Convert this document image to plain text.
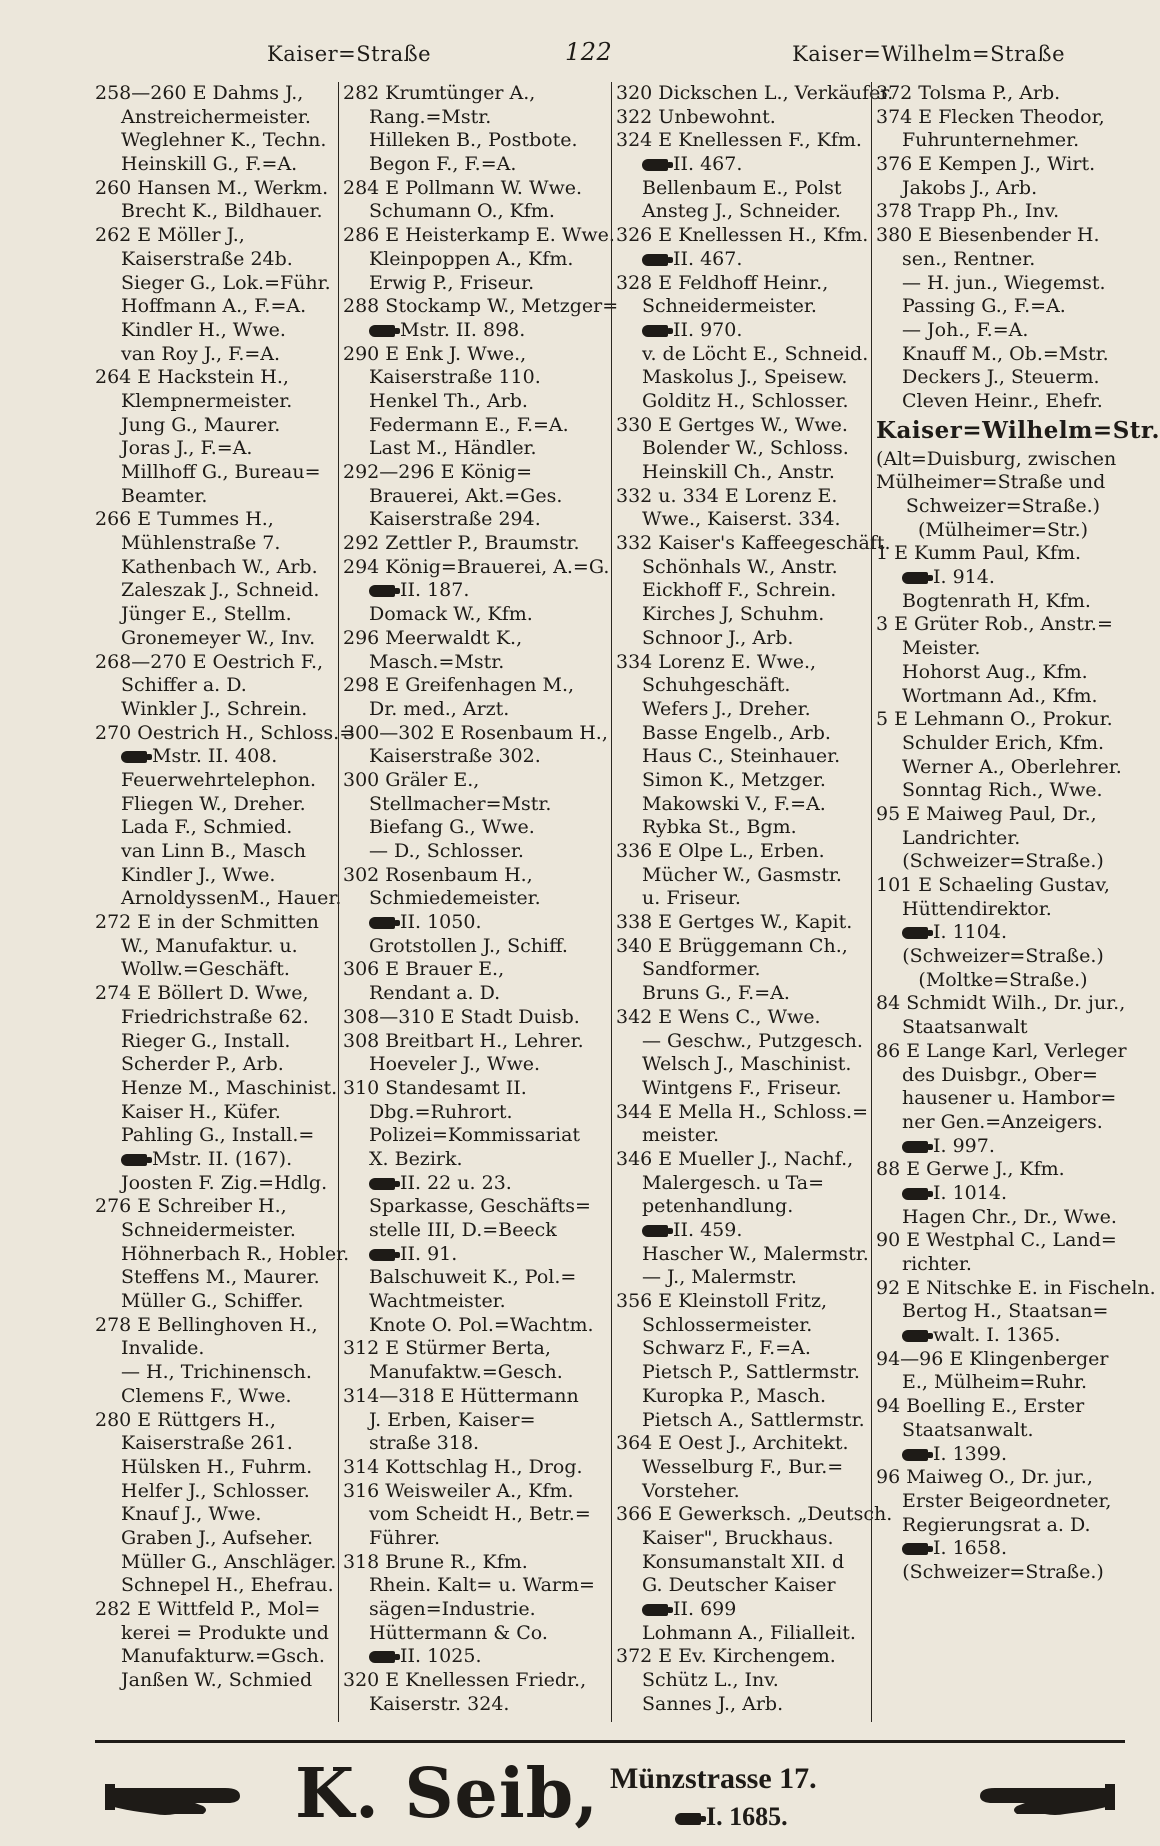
Kaiser=Straße	122	Kaiser=Wilhelm=Straße
258—260 E Dahms J.,
Anstreichermeister.
Weglehner K., Techn.
Heinskill G., F.=A.
260 Hansen M., Werkm.
Brecht K., Bildhauer.
262 E Möller J.,
Kaiserstraße 24b.
Sieger G., Lok.=Führ.
Hoffmann A., F.=A.
Kindler H., Wwe.
van Roy J., F.=A.
264 E Hackstein H.,
Klempnermeister.
Jung G., Maurer.
Joras J., F.=A.
Millhoff G., Bureau=
Beamter.
266 E Tummes H.,
Mühlenstraße 7.
Kathenbach W., Arb.
Zaleszak J., Schneid.
Jünger E., Stellm.
Gronemeyer W., Inv.
268—270 E Oestrich F.,
Schiffer a. D.
Winkler J., Schrein.
270 Oestrich H., Schloss.=
Mstr. II. 408.
Feuerwehrtelephon.
Fliegen W., Dreher.
Lada F., Schmied.
van Linn B., Masch
Kindler J., Wwe.
ArnoldyssenM., Hauer.
272 E in der Schmitten
W., Manufaktur. u.
Wollw.=Geschäft.
274 E Böllert D. Wwe,
Friedrichstraße 62.
Rieger G., Install.
Scherder P., Arb.
Henze M., Maschinist.
Kaiser H., Küfer.
Pahling G., Install.=
Mstr. II. (167).
Joosten F. Zig.=Hdlg.
276 E Schreiber H.,
Schneidermeister.
Höhnerbach R., Hobler.
Steffens M., Maurer.
Müller G., Schiffer.
278 E Bellinghoven H.,
Invalide.
— H., Trichinensch.
Clemens F., Wwe.
280 E Rüttgers H.,
Kaiserstraße 261.
Hülsken H., Fuhrm.
Helfer J., Schlosser.
Knauf J., Wwe.
Graben J., Aufseher.
Müller G., Anschläger.
Schnepel H., Ehefrau.
282 E Wittfeld P., Mol=
kerei = Produkte und
Manufakturw.=Gsch.
Janßen W., Schmied
282 Krumtünger A.,
Rang.=Mstr.
Hilleken B., Postbote.
Begon F., F.=A.
284 E Pollmann W. Wwe.
Schumann O., Kfm.
286 E Heisterkamp E. Wwe.
Kleinpoppen A., Kfm.
Erwig P., Friseur.
288 Stockamp W., Metzger=
Mstr. II. 898.
290 E Enk J. Wwe.,
Kaiserstraße 110.
Henkel Th., Arb.
Federmann E., F.=A.
Last M., Händler.
292—296 E König=
Brauerei, Akt.=Ges.
Kaiserstraße 294.
292 Zettler P., Braumstr.
294 König=Brauerei, A.=G.
II. 187.
Domack W., Kfm.
296 Meerwaldt K.,
Masch.=Mstr.
298 E Greifenhagen M.,
Dr. med., Arzt.
300—302 E Rosenbaum H.,
Kaiserstraße 302.
300 Gräler E.,
Stellmacher=Mstr.
Biefang G., Wwe.
— D., Schlosser.
302 Rosenbaum H.,
Schmiedemeister.
II. 1050.
Grotstollen J., Schiff.
306 E Brauer E.,
Rendant a. D.
308—310 E Stadt Duisb.
308 Breitbart H., Lehrer.
Hoeveler J., Wwe.
310 Standesamt II.
Dbg.=Ruhrort.
Polizei=Kommissariat
X. Bezirk.
II. 22 u. 23.
Sparkasse, Geschäfts=
stelle III, D.=Beeck
II. 91.
Balschuweit K., Pol.=
Wachtmeister.
Knote O. Pol.=Wachtm.
312 E Stürmer Berta,
Manufaktw.=Gesch.
314—318 E Hüttermann
J. Erben, Kaiser=
straße 318.
314 Kottschlag H., Drog.
316 Weisweiler A., Kfm.
vom Scheidt H., Betr.=
Führer.
318 Brune R., Kfm.
Rhein. Kalt= u. Warm=
sägen=Industrie.
Hüttermann & Co.
II. 1025.
320 E Knellessen Friedr.,
Kaiserstr. 324.
320 Dickschen L., Verkäufer.
322 Unbewohnt.
324 E Knellessen F., Kfm.
II. 467.
Bellenbaum E., Polst
Ansteg J., Schneider.
326 E Knellessen H., Kfm.
II. 467.
328 E Feldhoff Heinr.,
Schneidermeister.
II. 970.
v. de Löcht E., Schneid.
Maskolus J., Speisew.
Golditz H., Schlosser.
330 E Gertges W., Wwe.
Bolender W., Schloss.
Heinskill Ch., Anstr.
332 u. 334 E Lorenz E.
Wwe., Kaiserst. 334.
332 Kaiser's Kaffeegeschäft.
Schönhals W., Anstr.
Eickhoff F., Schrein.
Kirches J, Schuhm.
Schnoor J., Arb.
334 Lorenz E. Wwe.,
Schuhgeschäft.
Wefers J., Dreher.
Basse Engelb., Arb.
Haus C., Steinhauer.
Simon K., Metzger.
Makowski V., F.=A.
Rybka St., Bgm.
336 E Olpe L., Erben.
Mücher W., Gasmstr.
u. Friseur.
338 E Gertges W., Kapit.
340 E Brüggemann Ch.,
Sandformer.
Bruns G., F.=A.
342 E Wens C., Wwe.
— Geschw., Putzgesch.
Welsch J., Maschinist.
Wintgens F., Friseur.
344 E Mella H., Schloss.=
meister.
346 E Mueller J., Nachf.,
Malergesch. u Ta=
petenhandlung.
II. 459.
Hascher W., Malermstr.
— J., Malermstr.
356 E Kleinstoll Fritz,
Schlossermeister.
Schwarz F., F.=A.
Pietsch P., Sattlermstr.
Kuropka P., Masch.
Pietsch A., Sattlermstr.
364 E Oest J., Architekt.
Wesselburg F., Bur.=
Vorsteher.
366 E Gewerksch. „Deutsch.
Kaiser", Bruckhaus.
Konsumanstalt XII. d
G. Deutscher Kaiser
II. 699
Lohmann A., Filialleit.
372 E Ev. Kirchengem.
Schütz L., Inv.
Sannes J., Arb.
372 Tolsma P., Arb.
374 E Flecken Theodor,
Fuhrunternehmer.
376 E Kempen J., Wirt.
Jakobs J., Arb.
378 Trapp Ph., Inv.
380 E Biesenbender H.
sen., Rentner.
— H. jun., Wiegemst.
Passing G., F.=A.
— Joh., F.=A.
Knauff M., Ob.=Mstr.
Deckers J., Steuerm.
Cleven Heinr., Ehefr.
Kaiser=Wilhelm=Str.
(Alt=Duisburg, zwischen
Mülheimer=Straße und
Schweizer=Straße.)
(Mülheimer=Str.)
1 E Kumm Paul, Kfm.
I. 914.
Bogtenrath H, Kfm.
3 E Grüter Rob., Anstr.=
Meister.
Hohorst Aug., Kfm.
Wortmann Ad., Kfm.
5 E Lehmann O., Prokur.
Schulder Erich, Kfm.
Werner A., Oberlehrer.
Sonntag Rich., Wwe.
95 E Maiweg Paul, Dr.,
Landrichter.
(Schweizer=Straße.)
101 E Schaeling Gustav,
Hüttendirektor.
I. 1104.
(Schweizer=Straße.)
(Moltke=Straße.)
84 Schmidt Wilh., Dr. jur.,
Staatsanwalt
86 E Lange Karl, Verleger
des Duisbgr., Ober=
hausener u. Hambor=
ner Gen.=Anzeigers.
I. 997.
88 E Gerwe J., Kfm.
I. 1014.
Hagen Chr., Dr., Wwe.
90 E Westphal C., Land=
richter.
92 E Nitschke E. in Fischeln.
Bertog H., Staatsan=
walt. I. 1365.
94—96 E Klingenberger
E., Mülheim=Ruhr.
94 Boelling E., Erster
Staatsanwalt.
I. 1399.
96 Maiweg O., Dr. jur.,
Erster Beigeordneter,
Regierungsrat a. D.
I. 1658.
(Schweizer=Straße.)
K. Seib, Münzstrasse 17.
I. 1685.
